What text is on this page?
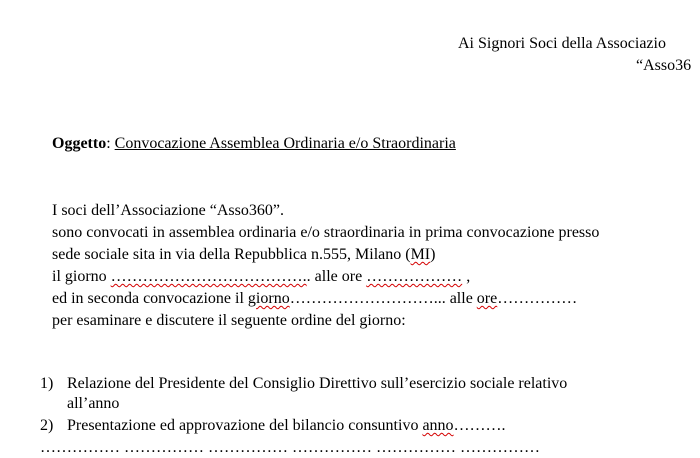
Ai Signori Soci della Associazio
“Asso36
Oggetto: Convocazione Assemblea Ordinaria e/o Straordinaria
I soci dell’Associazione “Asso360”.
sono convocati in assemblea ordinaria e/o straordinaria in prima convocazione presso
sede sociale sita in via della Repubblica n.555, Milano (MI)
il giorno ……………………………….. alle ore ……………… ,
ed in seconda convocazione il giorno………………………... alle ore……………
per esaminare e discutere il seguente ordine del giorno:
1) Relazione del Presidente del Consiglio Direttivo sull’esercizio sociale relativo
all’anno
2) Presentazione ed approvazione del bilancio consuntivo anno……….
…………… …………… …………… …………… …………… ……………
